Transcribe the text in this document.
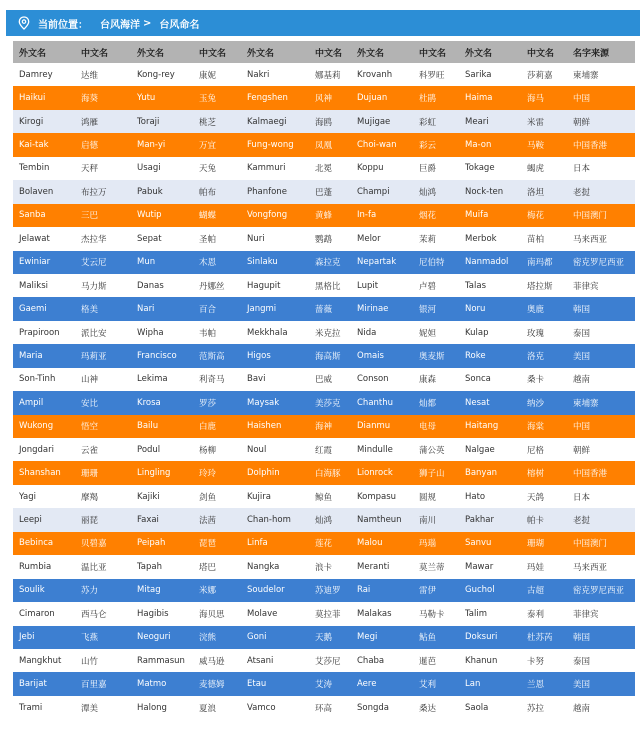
当前位置： 台风海洋 > 台风命名
外文名	中文名	外文名	中文名	外文名	中文名	外文名	中文名	外文名	中文名	名字来源
Damrey	达维	Kong-rey	康妮	Nakri	娜基莉	Krovanh	科罗旺	Sarika	莎莉嘉	柬埔寨
Haikui	海葵	Yutu	玉兔	Fengshen	风神	Dujuan	杜鹃	Haima	海马	中国
Kirogi	鸿雁	Toraji	桃芝	Kalmaegi	海鸥	Mujigae	彩虹	Meari	米雷	朝鲜
Kai-tak	启德	Man-yi	万宜	Fung-wong	凤凰	Choi-wan	彩云	Ma-on	马鞍	中国香港
Tembin	天秤	Usagi	天兔	Kammuri	北冕	Koppu	巨爵	Tokage	蝎虎	日本
Bolaven	布拉万	Pabuk	帕布	Phanfone	巴蓬	Champi	灿鸿	Nock-ten	洛坦	老挝
Sanba	三巴	Wutip	蝴蝶	Vongfong	黄蜂	In-fa	烟花	Muifa	梅花	中国澳门
Jelawat	杰拉华	Sepat	圣帕	Nuri	鹦鹉	Melor	茉莉	Merbok	苗柏	马来西亚
Ewiniar	艾云尼	Mun	木恩	Sinlaku	森拉克	Nepartak	尼伯特	Nanmadol	南玛都	密克罗尼西亚
Maliksi	马力斯	Danas	丹娜丝	Hagupit	黑格比	Lupit	卢碧	Talas	塔拉斯	菲律宾
Gaemi	格美	Nari	百合	Jangmi	蔷薇	Mirinae	银河	Noru	奥鹿	韩国
Prapiroon	派比安	Wipha	韦帕	Mekkhala	米克拉	Nida	妮妲	Kulap	玫瑰	泰国
Maria	玛莉亚	Francisco	范斯高	Higos	海高斯	Omais	奥麦斯	Roke	洛克	美国
Son-Tinh	山神	Lekima	利奇马	Bavi	巴威	Conson	康森	Sonca	桑卡	越南
Ampil	安比	Krosa	罗莎	Maysak	美莎克	Chanthu	灿都	Nesat	纳沙	柬埔寨
Wukong	悟空	Bailu	白鹿	Haishen	海神	Dianmu	电母	Haitang	海棠	中国
Jongdari	云雀	Podul	杨柳	Noul	红霞	Mindulle	蒲公英	Nalgae	尼格	朝鲜
Shanshan	珊珊	Lingling	玲玲	Dolphin	白海豚	Lionrock	狮子山	Banyan	榕树	中国香港
Yagi	摩羯	Kajiki	剑鱼	Kujira	鲸鱼	Kompasu	圆规	Hato	天鸽	日本
Leepi	丽琵	Faxai	法茜	Chan-hom	灿鸿	Namtheun	南川	Pakhar	帕卡	老挝
Bebinca	贝碧嘉	Peipah	琵琶	Linfa	莲花	Malou	玛瑙	Sanvu	珊瑚	中国澳门
Rumbia	温比亚	Tapah	塔巴	Nangka	浪卡	Meranti	莫兰蒂	Mawar	玛娃	马来西亚
Soulik	苏力	Mitag	米娜	Soudelor	苏迪罗	Rai	雷伊	Guchol	古超	密克罗尼西亚
Cimaron	西马仑	Hagibis	海贝思	Molave	莫拉菲	Malakas	马勒卡	Talim	泰利	菲律宾
Jebi	飞燕	Neoguri	浣熊	Goni	天鹅	Megi	鲇鱼	Doksuri	杜苏芮	韩国
Mangkhut	山竹	Rammasun	威马逊	Atsani	艾莎尼	Chaba	暹芭	Khanun	卡努	泰国
Barijat	百里嘉	Matmo	麦德姆	Etau	艾涛	Aere	艾利	Lan	兰恩	美国
Trami	潭美	Halong	夏浪	Vamco	环高	Songda	桑达	Saola	苏拉	越南
